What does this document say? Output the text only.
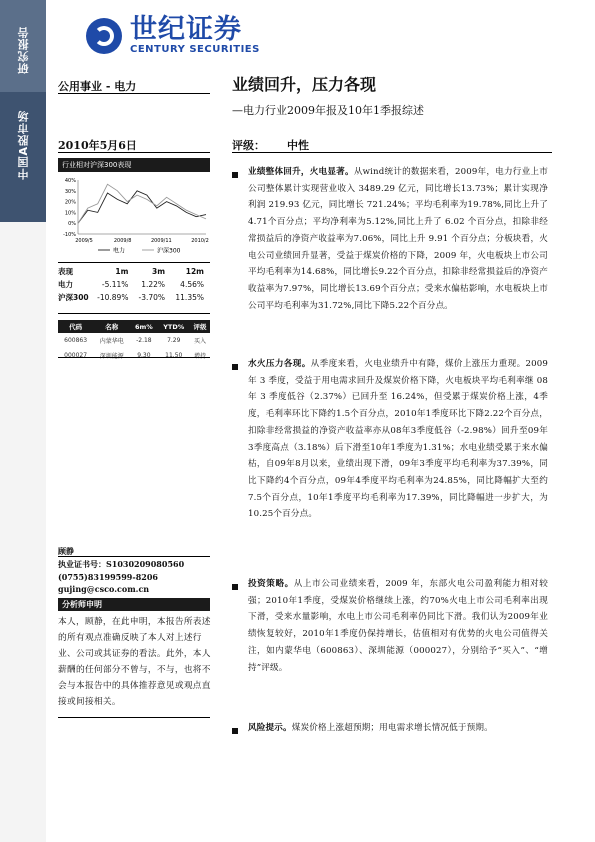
研究报告
中国A股市场
世纪证券
CENTURY SECURITIES
公用事业 - 电力	业绩回升，压力各现
—电力行业2009年报及10年1季报综述
2010年5月6日	评级： 中性
行业相对沪深300表现
40%
30%
20%
10%
0%
-10%
2009/5	2009/8	2009/11	2010/2
电力	沪深300
表现	1m	3m	12m
电力	-5.11%	1.22%	4.56%
沪深300	-10.89%	-3.70%	11.35%
代码	名称	6m%	YTD%	评级
600863	内蒙华电	-2.18	7.29	买入
000027	深圳能源	9.30	11.50	增持
顾静
执业证书号：S1030209080560
(0755)83199599-8206
gujing@csco.com.cn
分析师申明
本人，顾静，在此申明，本报告所表述的所有观点准确反映了本人对上述行业、公司或其证券的看法。此外，本人薪酬的任何部分不曾与，不与，也将不会与本报告中的具体推荐意见或观点直接或间接相关。
业绩整体回升，火电显著。从wind统计的数据来看，2009年，电力行业上市公司整体累计实现营业收入 3489.29 亿元，同比增长13.73%；累计实现净利润 219.93 亿元，同比增长 721.24%；平均毛利率为19.78%,同比上升了4.71个百分点；平均净利率为5.12%,同比上升了 6.02 个百分点，扣除非经常损益后的净资产收益率为7.06%，同比上升 9.91 个百分点；分板块看，火电公司业绩回升显著，受益于煤炭价格的下降，2009 年，火电板块上市公司平均毛利率为14.68%，同比增长9.22个百分点，扣除非经常损益后的净资产收益率为7.97%，同比增长13.69个百分点；受来水偏枯影响，水电板块上市公司平均毛利率为31.72%,同比下降5.22个百分点。
水火压力各现。从季度来看，火电业绩升中有降，煤价上涨压力重现。2009 年 3 季度，受益于用电需求回升及煤炭价格下降，火电板块平均毛利率继 08 年 3 季度低谷（2.37%）已回升至 16.24%，但受累于煤炭价格上涨，4季度，毛利率环比下降约1.5个百分点，2010年1季度环比下降2.22个百分点，扣除非经常损益的净资产收益率亦从08年3季度低谷（-2.98%）回升至09年3季度高点（3.18%）后下滑至10年1季度为1.31%；水电业绩受累于来水偏枯，自09年8月以来，业绩出现下滑，09年3季度平均毛利率为37.39%，同比下降约4个百分点，09年4季度平均毛利率为24.85%，同比降幅扩大至约7.5个百分点，10年1季度平均毛利率为17.39%，同比降幅进一步扩大，为10.25个百分点。
投资策略。从上市公司业绩来看，2009 年，东部火电公司盈利能力相对较强；2010年1季度，受煤炭价格继续上涨，约70%火电上市公司毛利率出现下滑，受来水量影响，水电上市公司毛利率仍同比下滑。我们认为2009年业绩恢复较好，2010年1季度仍保持增长，估值相对有优势的火电公司值得关注，如内蒙华电（600863）、深圳能源（000027），分别给予“买入”、“增持”评级。
风险提示。煤炭价格上涨超预期；用电需求增长情况低于预期。
